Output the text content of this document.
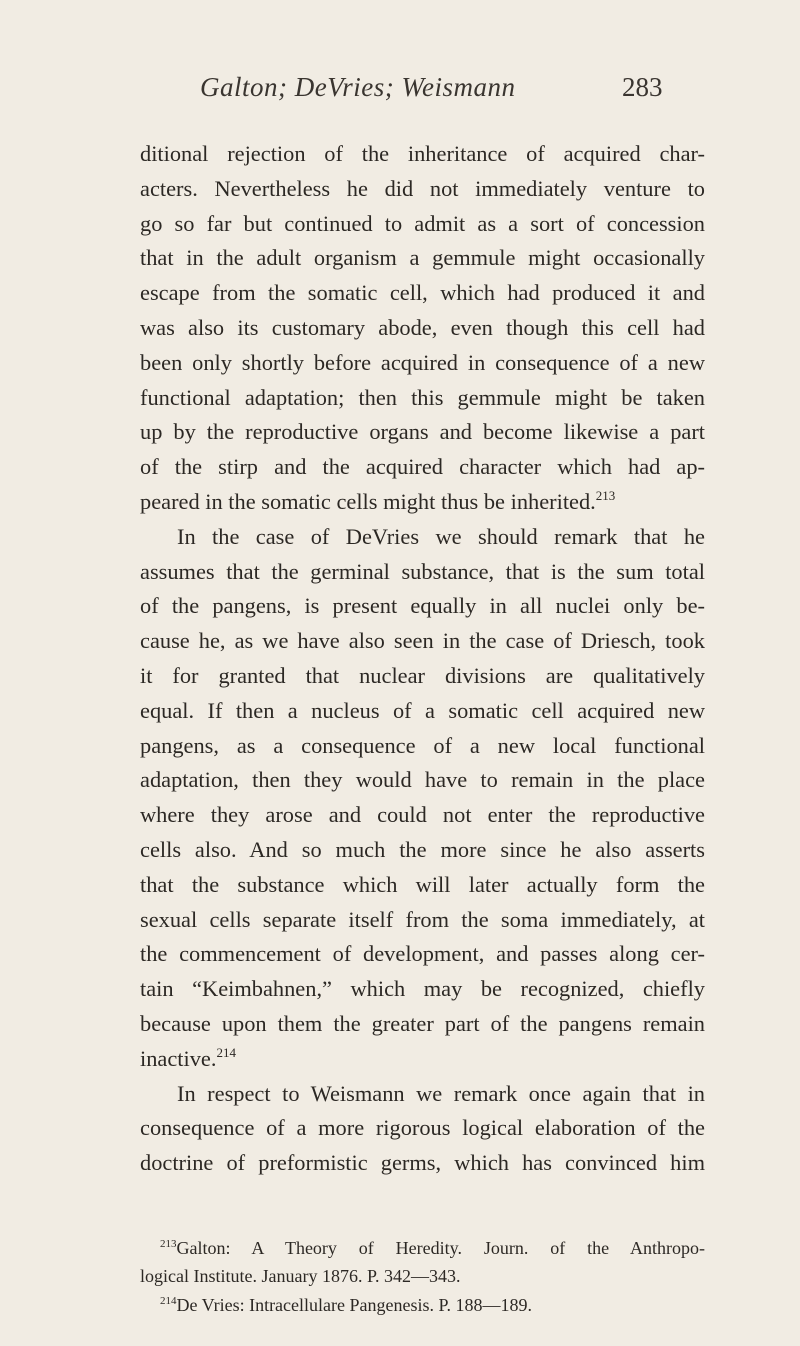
Galton; DeVries; Weismann	283
ditional rejection of the inheritance of acquired char-
acters. Nevertheless he did not immediately venture to
go so far but continued to admit as a sort of concession
that in the adult organism a gemmule might occasionally
escape from the somatic cell, which had produced it and
was also its customary abode, even though this cell had
been only shortly before acquired in consequence of a new
functional adaptation; then this gemmule might be taken
up by the reproductive organs and become likewise a part
of the stirp and the acquired character which had ap-
peared in the somatic cells might thus be inherited.$^{213}$
In the case of DeVries we should remark that he
assumes that the germinal substance, that is the sum total
of the pangens, is present equally in all nuclei only be-
cause he, as we have also seen in the case of Driesch, took
it for granted that nuclear divisions are qualitatively
equal. If then a nucleus of a somatic cell acquired new
pangens, as a consequence of a new local functional
adaptation, then they would have to remain in the place
where they arose and could not enter the reproductive
cells also. And so much the more since he also asserts
that the substance which will later actually form the
sexual cells separate itself from the soma immediately, at
the commencement of development, and passes along cer-
tain “Keimbahnen,” which may be recognized, chiefly
because upon them the greater part of the pangens remain
inactive.$^{214}$
In respect to Weismann we remark once again that in
consequence of a more rigorous logical elaboration of the
doctrine of preformistic germs, which has convinced him
$^{213}$Galton: A Theory of Heredity. Journ. of the Anthropo-
logical Institute. January 1876. P. 342—343.
$^{214}$De Vries: Intracellulare Pangenesis. P. 188—189.
